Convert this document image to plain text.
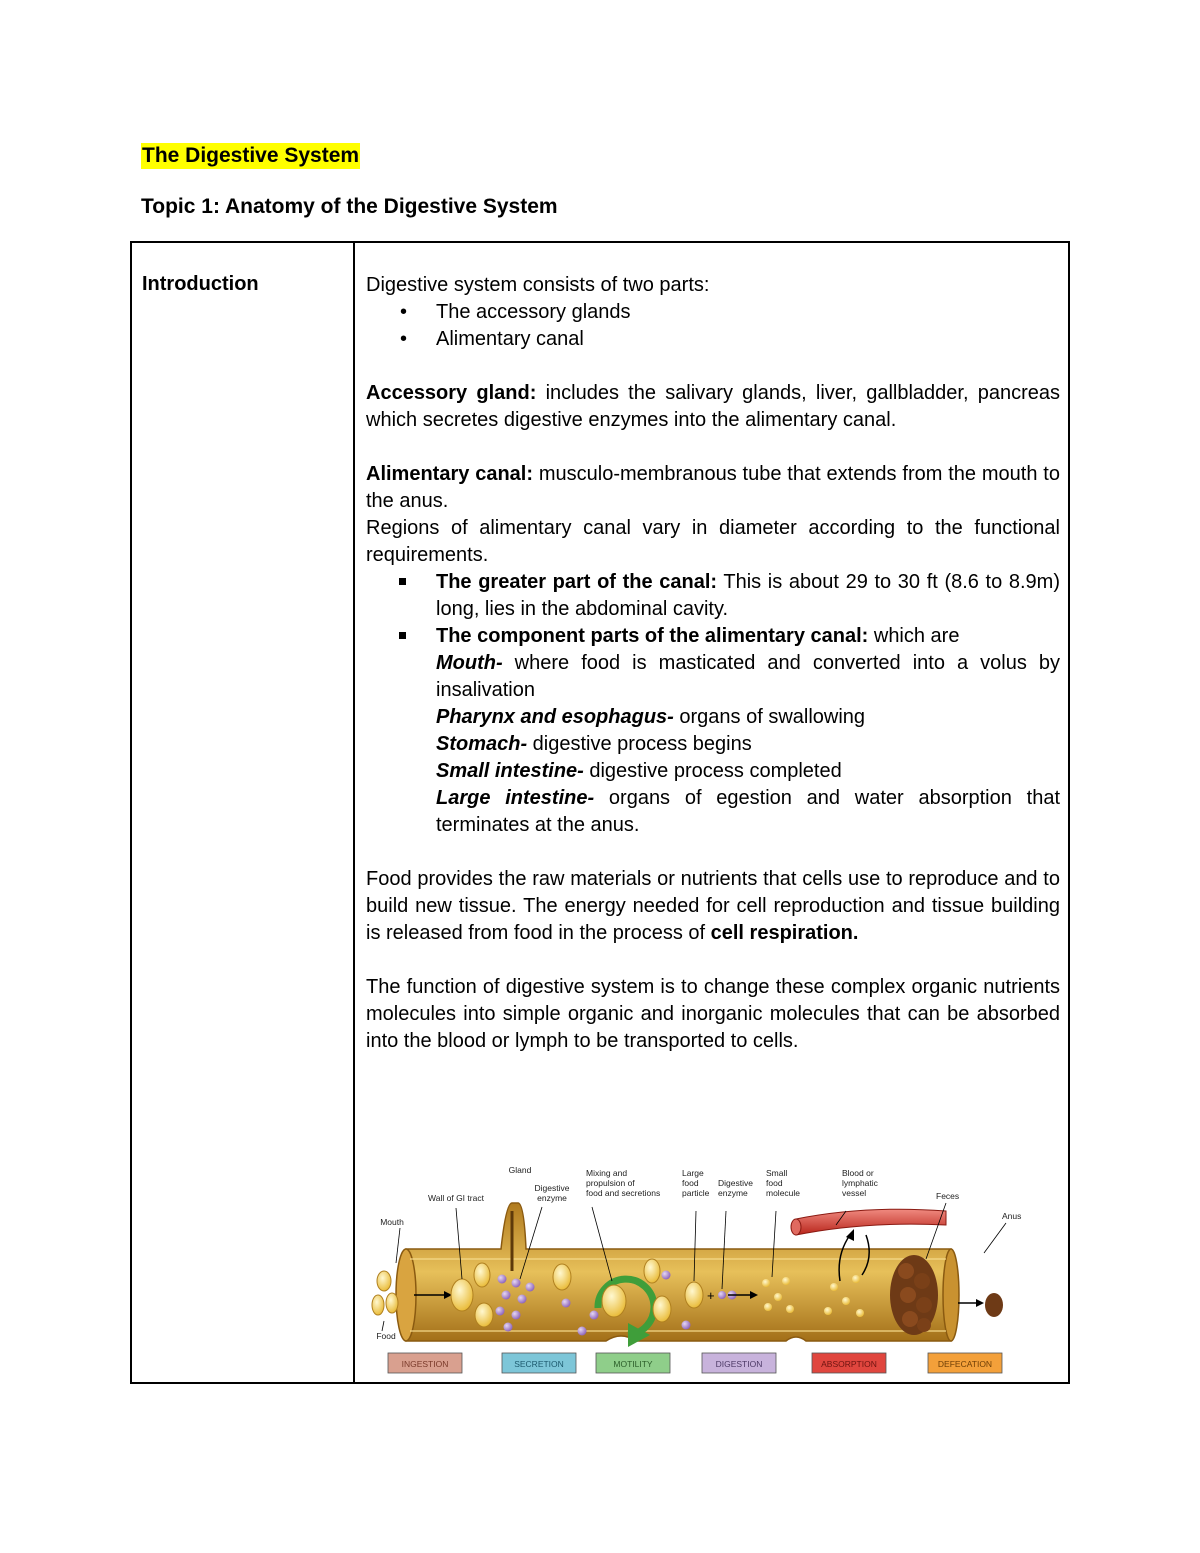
The Digestive System
Topic 1: Anatomy of the Digestive System
Introduction	Digestive system consists of two parts:

• The accessory glands
• Alimentary canal

Accessory gland: includes the salivary glands, liver, gallbladder, pancreas which secretes digestive enzymes into the alimentary canal.

Alimentary canal: musculo-membranous tube that extends from the mouth to the anus.

Regions of alimentary canal vary in diameter according to the functional requirements.

The greater part of the canal: This is about 29 to 30 ft (8.6 to 8.9m) long, lies in the abdominal cavity.
The component parts of the alimentary canal: which are
Mouth- where food is masticated and converted into a volus by insalivation
Pharynx and esophagus- organs of swallowing
Stomach- digestive process begins
Small intestine- digestive process completed
Large intestine- organs of egestion and water absorption that terminates at the anus.

Food provides the raw materials or nutrients that cells use to reproduce and to build new tissue. The energy needed for cell reproduction and tissue building is released from food in the process of cell respiration.

The function of digestive system is to change these complex organic nutrients molecules into simple organic and inorganic molecules that can be absorbed into the blood or lymph to be transported to cells.

+
Gland
Wall of GI tract
Digestive
enzyme
Mixing and
propulsion of
food and secretions
Large
food
particle
Digestive
enzyme
Small
food
molecule
Blood or
lymphatic
vessel	Feces
Anus
Mouth
Food
INGESTION	SECRETION	MOTILITY	DIGESTION	ABSORPTION	DEFECATION
